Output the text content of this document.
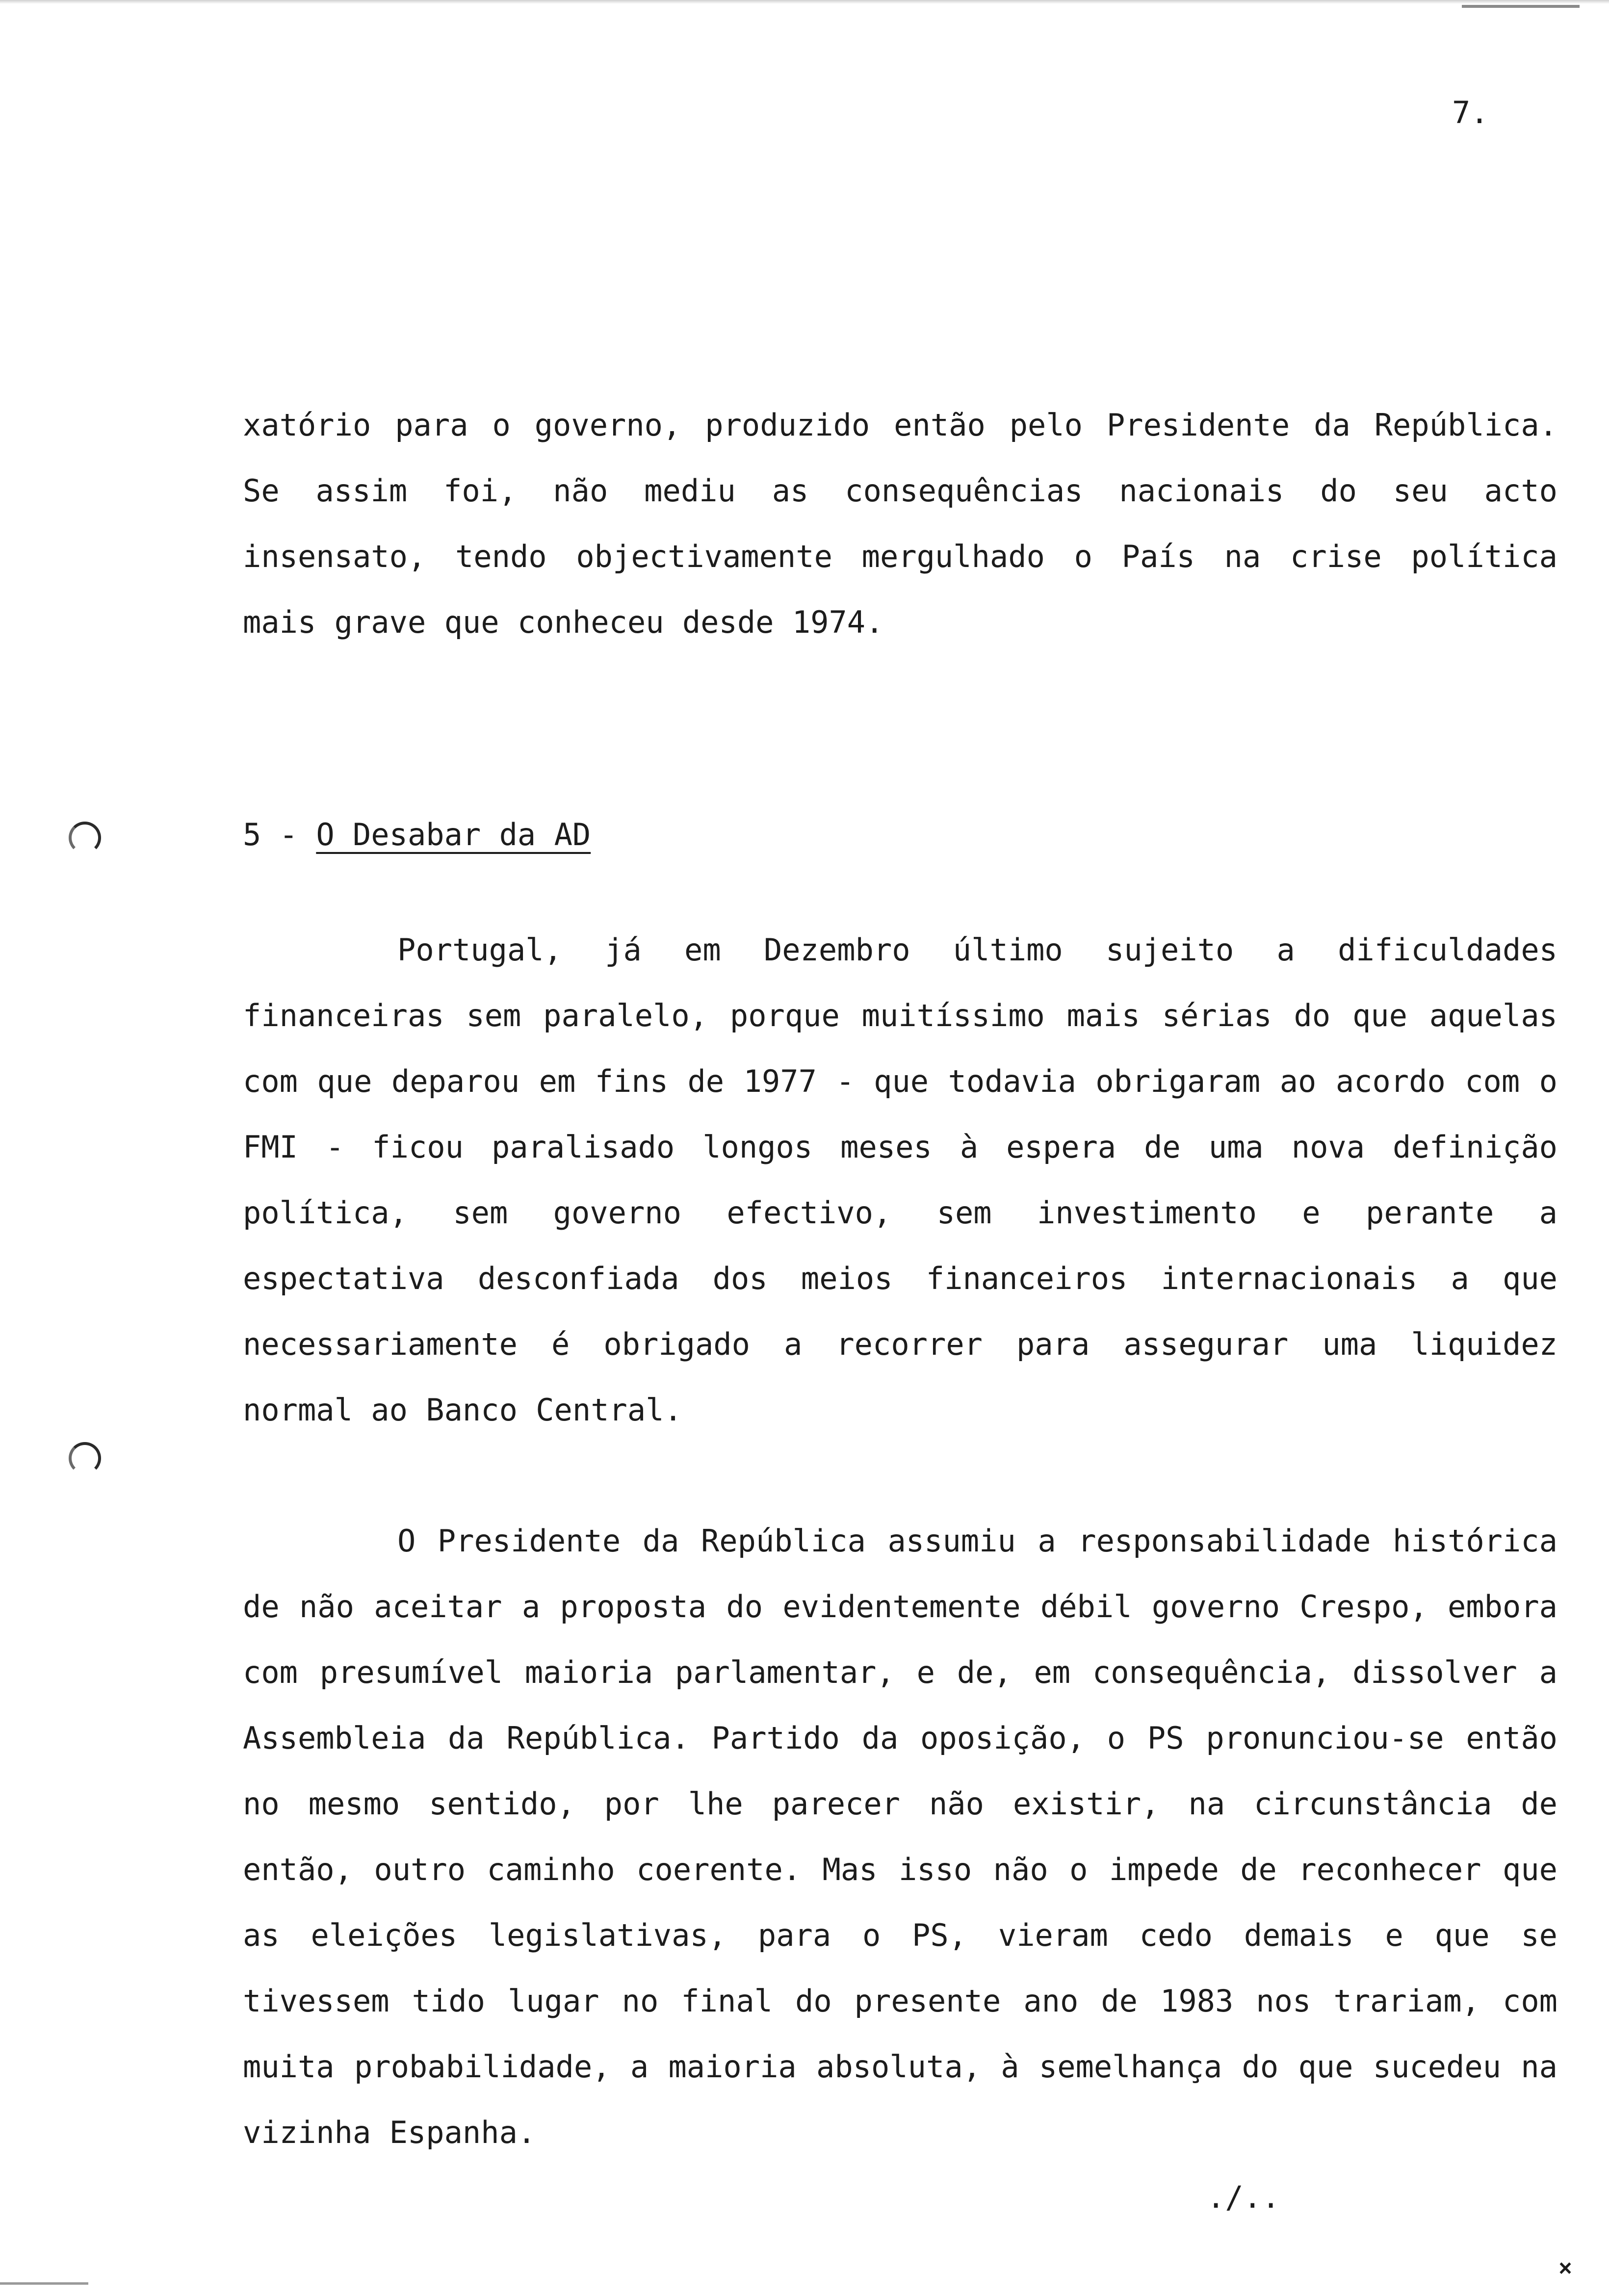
7.

xatório para o governo, produzido então pelo Presidente da República. Se assim foi, não mediu as consequências nacionais do seu acto insensato, tendo objectivamente mergulhado o País na crise política mais grave que conheceu desde 1974.

5 - O Desabar da AD

Portugal, já em Dezembro último sujeito a dificuldades financeiras sem paralelo, porque muitíssimo mais sérias do que aquelas com que deparou em fins de 1977 - que todavia obrigaram ao acordo com o FMI - ficou paralisado longos meses à espera de uma nova definição política, sem governo efectivo, sem investimento e perante a espectativa desconfiada dos meios financeiros internacionais a que necessariamente é obrigado a recorrer para assegurar uma liquidez normal ao Banco Central.

O Presidente da República assumiu a responsabilidade histórica de não aceitar a proposta do evidentemente débil governo Crespo, embora com presumível maioria parlamentar, e de, em consequência, dissolver a Assembleia da República. Partido da oposição, o PS pronunciou-se então no mesmo sentido, por lhe parecer não existir, na circunstância de então, outro caminho coerente. Mas isso não o impede de reconhecer que as eleições legislativas, para o PS, vieram cedo demais e que se tivessem tido lugar no final do presente ano de 1983 nos trariam, com muita probabilidade, a maioria absoluta, à semelhança do que sucedeu na vizinha Espanha.

./..
˟
